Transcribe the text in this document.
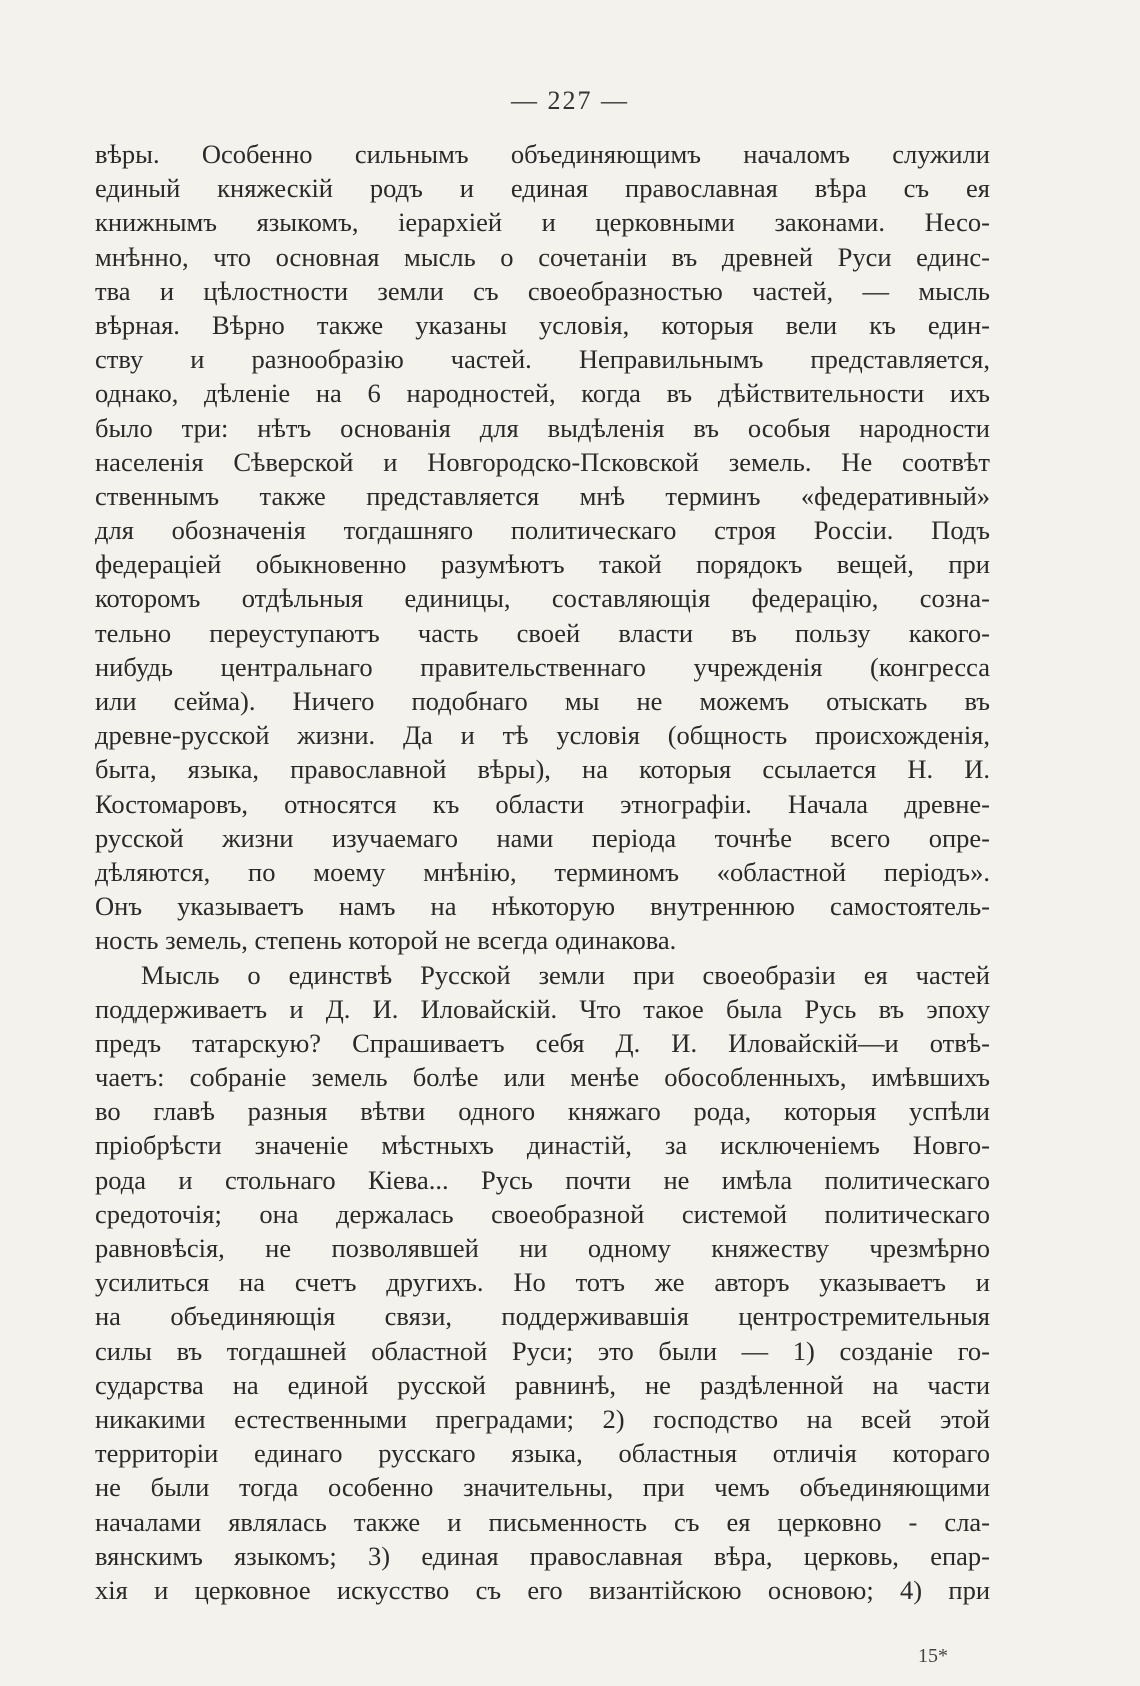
— 227 —
вѣры. Особенно сильнымъ объединяющимъ началомъ служили
единый княжескій родъ и единая православная вѣра съ ея
книжнымъ языкомъ, іерархіей и церковными законами. Несо-
мнѣнно, что основная мысль о сочетаніи въ древней Руси единс-
тва и цѣлостности земли съ своеобразностью частей, — мысль
вѣрная. Вѣрно также указаны условія, которыя вели къ един-
ству и разнообразію частей. Неправильнымъ представляется,
однако, дѣленіе на 6 народностей, когда въ дѣйствительности ихъ
было три: нѣтъ основанія для выдѣленія въ особыя народности
населенія Сѣверской и Новгородско-Псковской земель. Не соотвѣт
ственнымъ также представляется мнѣ терминъ «федеративный»
для обозначенія тогдашняго политическаго строя Россіи. Подъ
федераціей обыкновенно разумѣютъ такой порядокъ вещей, при
которомъ отдѣльныя единицы, составляющія федерацію, созна-
тельно переуступаютъ часть своей власти въ пользу какого-
нибудь центральнаго правительственнаго учрежденія (конгресса
или сейма). Ничего подобнаго мы не можемъ отыскать въ
древне-русской жизни. Да и тѣ условія (общность происхожденія,
быта, языка, православной вѣры), на которыя ссылается Н. И.
Костомаровъ, относятся къ области этнографіи. Начала древне-
русской жизни изучаемаго нами періода точнѣе всего опре-
дѣляются, по моему мнѣнію, терминомъ «областной періодъ».
Онъ указываетъ намъ на нѣкоторую внутреннюю самостоятель-
ность земель, степень которой не всегда одинакова.
Мысль о единствѣ Русской земли при своеобразіи ея частей
поддерживаетъ и Д. И. Иловайскій. Что такое была Русь въ эпоху
предъ татарскую? Спрашиваетъ себя Д. И. Иловайскій—и отвѣ-
чаетъ: собраніе земель болѣе или менѣе обособленныхъ, имѣвшихъ
во главѣ разныя вѣтви одного княжаго рода, которыя успѣли
пріобрѣсти значеніе мѣстныхъ династій, за исключеніемъ Новго-
рода и стольнаго Кіева... Русь почти не имѣла политическаго
средоточія; она держалась своеобразной системой политическаго
равновѣсія, не позволявшей ни одному княжеству чрезмѣрно
усилиться на счетъ другихъ. Но тотъ же авторъ указываетъ и
на объединяющія связи, поддерживавшія центростремительныя
силы въ тогдашней областной Руси; это были — 1) созданіе го-
сударства на единой русской равнинѣ, не раздѣленной на части
никакими естественными преградами; 2) господство на всей этой
территоріи единаго русскаго языка, областныя отличія котораго
не были тогда особенно значительны, при чемъ объединяющими
началами являлась также и письменность съ ея церковно - сла-
вянскимъ языкомъ; 3) единая православная вѣра, церковь, епар-
хія и церковное искусство съ его византійскою основою; 4) при
15*
